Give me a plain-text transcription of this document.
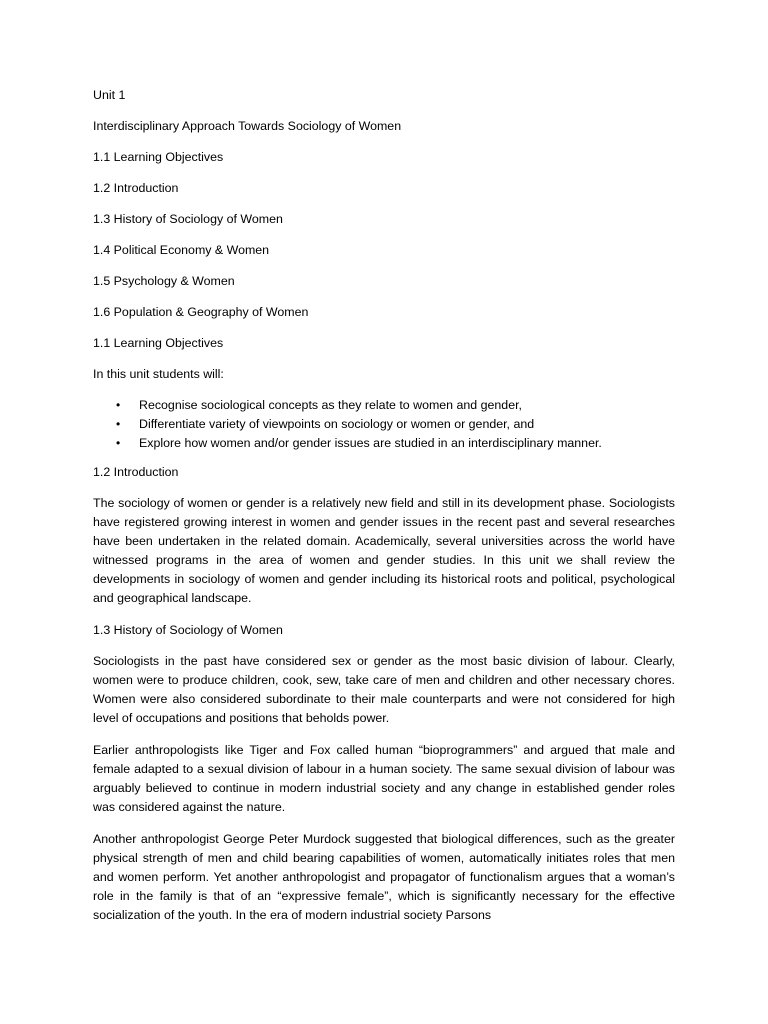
Unit 1

Interdisciplinary Approach Towards Sociology of Women

1.1 Learning Objectives

1.2 Introduction

1.3 History of Sociology of Women

1.4 Political Economy & Women

1.5 Psychology & Women

1.6 Population & Geography of Women

1.1 Learning Objectives

In this unit students will:

• Recognise sociological concepts as they relate to women and gender,
• Differentiate variety of viewpoints on sociology or women or gender, and
• Explore how women and/or gender issues are studied in an interdisciplinary manner.

1.2 Introduction

The sociology of women or gender is a relatively new field and still in its development phase. Sociologists have registered growing interest in women and gender issues in the recent past and several researches have been undertaken in the related domain. Academically, several universities across the world have witnessed programs in the area of women and gender studies. In this unit we shall review the developments in sociology of women and gender including its historical roots and political, psychological and geographical landscape.

1.3 History of Sociology of Women

Sociologists in the past have considered sex or gender as the most basic division of labour. Clearly, women were to produce children, cook, sew, take care of men and children and other necessary chores. Women were also considered subordinate to their male counterparts and were not considered for high level of occupations and positions that beholds power.

Earlier anthropologists like Tiger and Fox called human “bioprogrammers” and argued that male and female adapted to a sexual division of labour in a human society. The same sexual division of labour was arguably believed to continue in modern industrial society and any change in established gender roles was considered against the nature.

Another anthropologist George Peter Murdock suggested that biological differences, such as the greater physical strength of men and child bearing capabilities of women, automatically initiates roles that men and women perform. Yet another anthropologist and propagator of functionalism argues that a woman’s role in the family is that of an “expressive female”, which is significantly necessary for the effective socialization of the youth. In the era of modern industrial society Parsons
